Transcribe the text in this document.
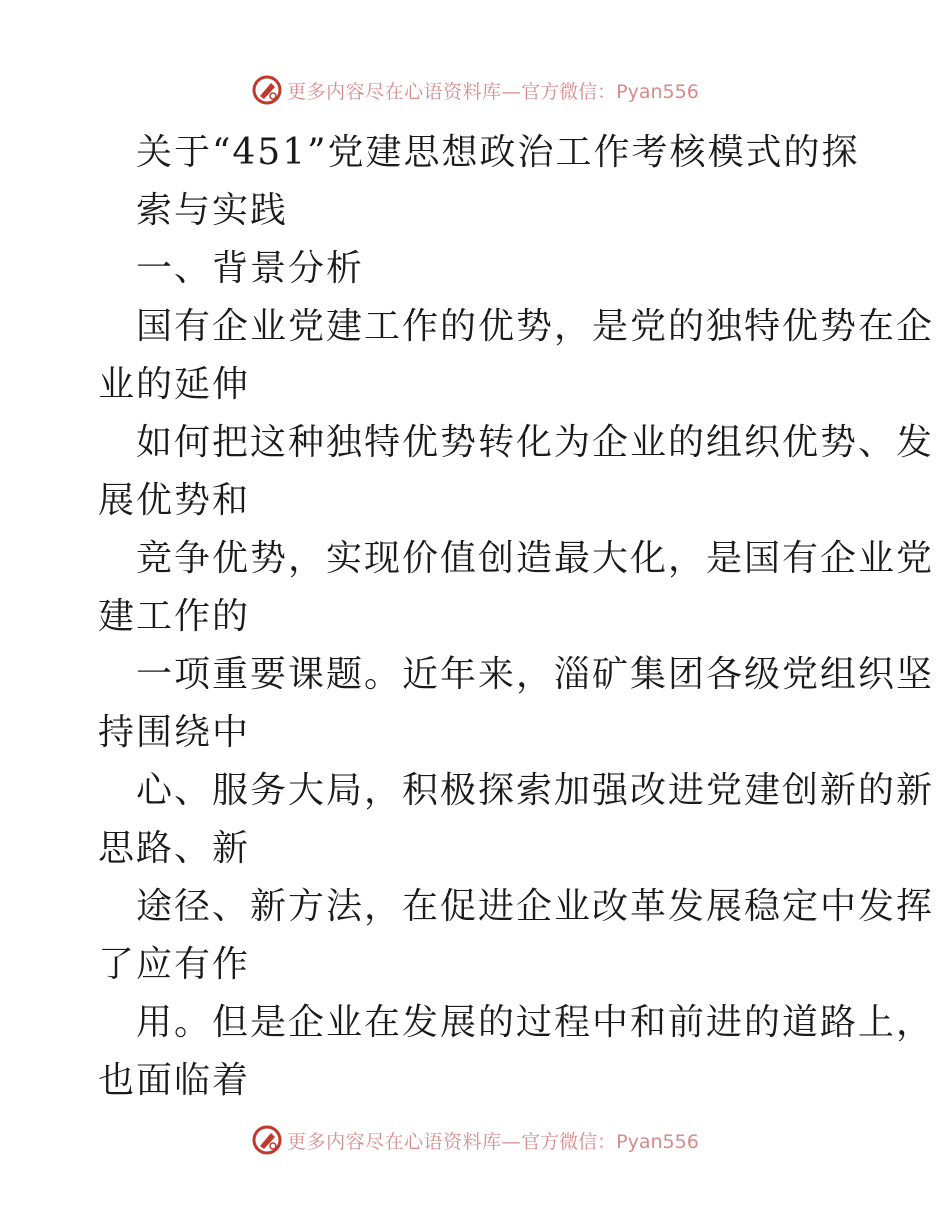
更多内容尽在心语资料库— 官方微信：Pyan556
关于“451”党建思想政治工作考核模式的探
索与实践
一、背景分析
国有企业党建工作的优势，是党的独特优势在企
业的延伸
如何把这种独特优势转化为企业的组织优势、发
展优势和
竞争优势，实现价值创造最大化，是国有企业党
建工作的
一项重要课题。近年来，淄矿集团各级党组织坚
持围绕中
心、服务大局，积极探索加强改进党建创新的新
思路、新
途径、新方法，在促进企业改革发展稳定中发挥
了应有作
用。但是企业在发展的过程中和前进的道路上，
也面临着
更多内容尽在心语资料库— 官方微信：Pyan556
